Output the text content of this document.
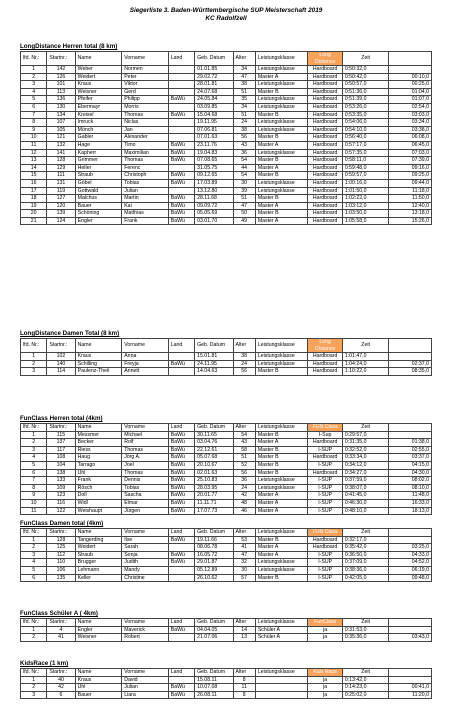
Siegerliste 3. Baden-Württembergische SUP Meisterschaft 2019
KC Radolfzell
LongDistance Herren total (8 km)
lfd. Nr.:	Startnr.:	Name	Vorname	Land	Geb. Datum	Alter	Leistungsklasse	Long Distance	Zeit	
1	142	Weber	Normen		01.01.85	34	Leistungsklasse	Hardboard	0:50:32,0	
2	126	Weidert	Peter		29.02.72	47	Master A	Hardboard	0:50:42,0	00:10,0
3	101	Kraus	Viktor		28.01.81	38	Leistungsklasse	Hardboard	0:50:57,0	00:25,0
4	113	Weisner	Gerd		24.07.68	51	Master B	Hardboard	0:51:36,0	01:04,0
5	136	Pfeifer	Philipp	BaWü	24.05.84	35	Leistungsklasse	Hardboard	0:51:39,0	01:07,0
6	130	Ebermayr	Morris		03.09.85	34	Leistungsklasse	Hardboard	0:53:26,0	02:54,0
7	134	Kreisel	Thomas	BaWü	15.04.68	51	Master B	Hardboard	0:53:35,0	03:03,0
8	107	Imruck	Niclas		19.11.95	24	Leistungsklasse	Hardboard	0:54:06,0	03:34,0
9	105	Mönch	Jan		07.06.81	38	Leistungsklasse	Hardboard	0:54:10,0	03:38,0
10	121	Gabler	Alexander		07.01.63	56	Master B	Hardboard	0:56:40,0	06:08,0
11	132	Hage	Timo	BaWü	23.11.76	43	Master A	Hardboard	0:57:17,0	06:45,0
12	141	Kapherr	Maximilian	BaWü	19.04.83	36	Leistungsklasse	Hardboard	0:57:35,0	07:03,0
13	128	Grimmer	Thomas	BaWü	07.08.65	54	Master B	Hardboard	0:58:11,0	07:39,0
14	129	Heller	Ferenc		31.05.75	44	Master A	Hardboard	0:59:48,0	09:16,0
15	111	Straub	Christoph	BaWü	09.12.65	54	Master B	Hardboard	0:59:57,0	09:25,0
16	131	Göbel	Tobias	BaWü	17.03.89	30	Leistungsklasse	Hardboard	1:00:16,0	09:44,0
17	119	Gottwald	Julian		13.12.80	39	Leistungsklasse	Hardboard	1:01:50,0	11:18,0
18	127	Malchus	Martin	BaWü	28.11.68	51	Master B	Hardboard	1:02:22,0	11:50,0
19	120	Bauer	Kai	BaWü	09.09.72	47	Master A	Hardboard	1:03:12,0	12:40,0
20	139	Schöning	Matthias	BaWü	05.05.69	50	Master B	Hardboard	1:03:50,0	13:18,0
21	124	Engler	Frank	BaWü	03.01.70	49	Master A	Hardboard	1:05:58,0	15:26,0
LongDistance Damen Total (8 km)
lfd. Nr.:	Startnr.:	Name	Vorname	Land	Geb. Datum	Alter	Leistungsklasse	Long Distance	Zeit	
1	102	Kraus	Anna		15.01.81	38	Leistungsklasse	Hardboard	1:01:47,0	
2	140	Schilling	Freyja	BaWü	24.11.95	24	Leistungsklasse	Hardboard	1:04:24,0	02:37,0
3	114	Paulenz-Theil	Annett		14.04.63	56	Master B	Hardboard	1:10:22,0	08:35,0
FunClass Herren total (4km)
lfd. Nr.:	Startnr.:	Name	Vorname	Land	Geb. Datum	Alter	Leistungsklasse	FUN Class	Zeit	
1	115	Messmer	Michael	BaWü	30.11.65	54	Master B	I-Sup	0:29:57,0	
2	137	Becker	Rolf	BaWü	03.04.76	43	Master A	Hardboard	0:31:35,0	01:38,0
3	117	Riess	Thomas	BaWü	22.12.61	58	Master B	I-SUP	0:32:52,0	02:55,0
4	108	Haug	Jörg A.	BaWü	05.07.68	51	Master B	Hardboard	0:33:34,0	03:37,0
5	104	Tarrago	Joel	BaWü	20.10.67	52	Master B	I-SUP	0:34:12,0	04:15,0
6	138	Uhl	Thomas	BaWü	02.01.63	56	Master B	Hardboard	0:34:27,0	04:30,0
7	133	Frank	Dennis	BaWü	25.10.83	36	Leistungsklasse	I-SUP	0:37:59,0	08:02,0
8	109	Rösch	Tobias	BaWü	28.03.95	24	Leistungsklasse	I-SUP	0:38:07,0	08:10,0
9	123	Doll	Sascha	BaWü	20.01.77	42	Master A	I-SUP	0:41:45,0	11:48,0
10	116	Widl	Elmar	BaWü	11.11.71	48	Master A	I-SUP	0:46:30,0	16:33,0
11	122	Weishaupt	Jürgen	BaWü	17.07.73	46	Master A	I-SUP	0:48:10,0	18:13,0
FunClass Damen total (4km)
lfd. Nr.:	Startnr.:	Name	Vorname	Land	Geb. Datum	Alter	Leistungsklasse	FUN Class	Zeit	
1	128	Tangerding	Ilse	BaWü	19.11.66	53	Master B	Hardboard	0:32:17,0	
2	125	Weidert	Sarah		08.06.78	41	Master A	Hardboard	0:35:42,0	03:25,0
3	112	Straub	Sonja	BaWü	16.05.72	47	Master A	I-SUP	0:36:50,0	04:33,0
4	110	Brugger	Judith	BaWü	29.01.87	32	Leistungsklasse	I-SUP	0:37:09,0	04:52,0
5	106	Lehmann	Mandy		05.12.89	30	Leistungsklasse	I-SUP	0:38:36,0	06:19,0
6	135	Keller	Christine		26.10.62	57	Master B	I-SUP	0:42:05,0	09:48,0
FunClass Schüler A ( 4km)
lfd. Nr.:	Startnr.:	Name	Vorname	Land	Geb. Datum	Alter	Leistungsklasse	FunClass	Zeit	
1	4	Engler	Maverick	BaWü	04.04.05	14	Schüler A	ja	0:31:53,0	
2	41	Weisner	Robert		21.07.06	13	Schüler A	ja	0:35:36,0	03:43,0
KidsRace (1 km)
lfd. Nr.:	Startnr.:	Name	Vorname	Land	Geb. Datum	Alter	Leistungsklasse	Kids Race	Zeit	
1	40	Kraus	David		15.08.11	8		ja	0:13:42,0	
2	42	Uhl	Julian	BaWü	10.07.08	11		ja	0:14:23,0	00:41,0
3	6	Bauer	Liara	BaWü	26.08.11	8		ja	0:25:02,0	11:20,0
